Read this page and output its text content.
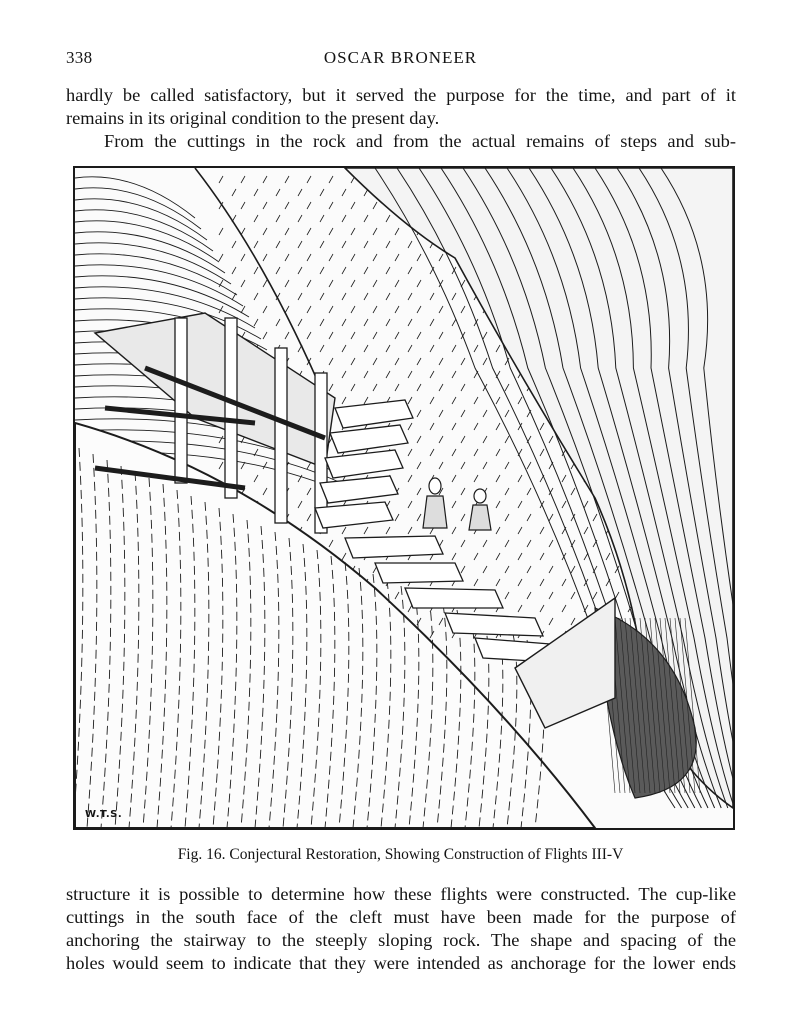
338	OSCAR BRONEER

hardly be called satisfactory, but it served the purpose for the time, and part of it
remains in its original condition to the present day.
From the cuttings in the rock and from the actual remains of steps and sub-

W.T.S.
Fig. 16. Conjectural Restoration, Showing Construction of Flights III-V

structure it is possible to determine how these flights were constructed. The cup-like
cuttings in the south face of the cleft must have been made for the purpose of
anchoring the stairway to the steeply sloping rock. The shape and spacing of the
holes would seem to indicate that they were intended as anchorage for the lower ends
